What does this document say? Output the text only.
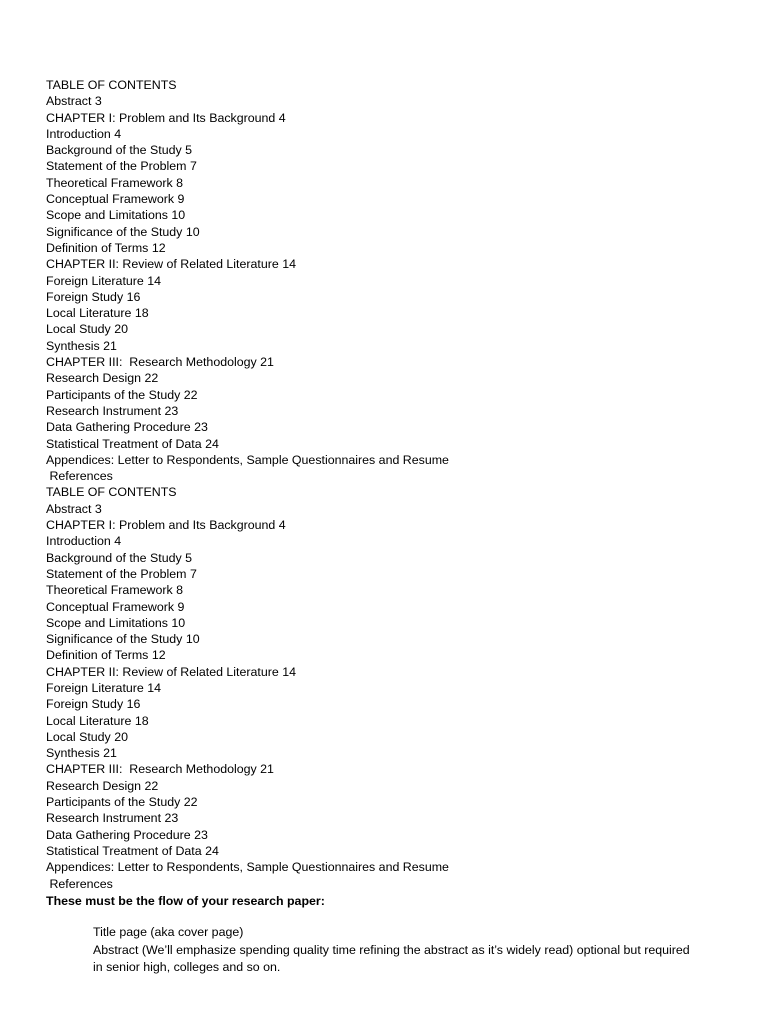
TABLE OF CONTENTS
Abstract 3
CHAPTER I: Problem and Its Background 4
Introduction 4
Background of the Study 5
Statement of the Problem 7
Theoretical Framework 8
Conceptual Framework 9
Scope and Limitations 10
Significance of the Study 10
Definition of Terms 12
CHAPTER II: Review of Related Literature 14
Foreign Literature 14
Foreign Study 16
Local Literature 18
Local Study 20
Synthesis 21
CHAPTER III:  Research Methodology 21
Research Design 22
Participants of the Study 22
Research Instrument 23
Data Gathering Procedure 23
Statistical Treatment of Data 24
Appendices: Letter to Respondents, Sample Questionnaires and Resume
References
TABLE OF CONTENTS
Abstract 3
CHAPTER I: Problem and Its Background 4
Introduction 4
Background of the Study 5
Statement of the Problem 7
Theoretical Framework 8
Conceptual Framework 9
Scope and Limitations 10
Significance of the Study 10
Definition of Terms 12
CHAPTER II: Review of Related Literature 14
Foreign Literature 14
Foreign Study 16
Local Literature 18
Local Study 20
Synthesis 21
CHAPTER III:  Research Methodology 21
Research Design 22
Participants of the Study 22
Research Instrument 23
Data Gathering Procedure 23
Statistical Treatment of Data 24
Appendices: Letter to Respondents, Sample Questionnaires and Resume
References
These must be the flow of your research paper:
Title page (aka cover page)
Abstract (We’ll emphasize spending quality time refining the abstract as it’s widely read) optional but required in senior high, colleges and so on.
